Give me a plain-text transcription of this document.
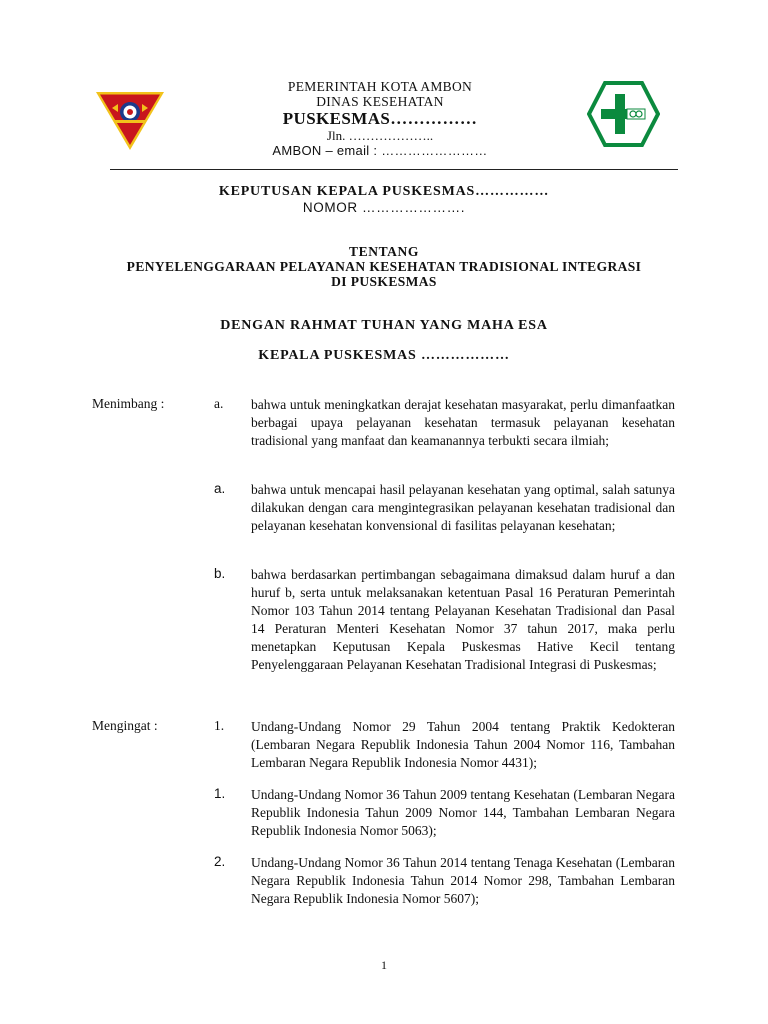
PEMERINTAH KOTA AMBON
DINAS KESEHATAN
PUSKESMAS……………
Jln. ………………..
AMBON – email : ……………………
KEPUTUSAN KEPALA PUSKESMAS……………
NOMOR ………………….
TENTANG
PENYELENGGARAAN PELAYANAN KESEHATAN TRADISIONAL INTEGRASI
DI PUSKESMAS
DENGAN RAHMAT TUHAN YANG MAHA ESA
KEPALA PUSKESMAS ………………
Menimbang :	a. bahwa untuk meningkatkan derajat kesehatan masyarakat, perlu dimanfaatkan berbagai upaya pelayanan kesehatan termasuk pelayanan kesehatan tradisional yang manfaat dan keamanannya terbukti secara ilmiah;
a. bahwa untuk mencapai hasil pelayanan kesehatan yang optimal, salah satunya dilakukan dengan cara mengintegrasikan pelayanan kesehatan tradisional dan pelayanan kesehatan konvensional di fasilitas pelayanan kesehatan;
b. bahwa berdasarkan pertimbangan sebagaimana dimaksud dalam huruf a dan huruf b, serta untuk melaksanakan ketentuan Pasal 16 Peraturan Pemerintah Nomor 103 Tahun 2014 tentang Pelayanan Kesehatan Tradisional dan Pasal 14 Peraturan Menteri Kesehatan Nomor 37 tahun 2017, maka perlu menetapkan Keputusan Kepala Puskesmas Hative Kecil tentang Penyelenggaraan Pelayanan Kesehatan Tradisional Integrasi di Puskesmas;
Mengingat :	1. Undang-Undang Nomor 29 Tahun 2004 tentang Praktik Kedokteran (Lembaran Negara Republik Indonesia Tahun 2004 Nomor 116, Tambahan Lembaran Negara Republik Indonesia Nomor 4431);
1. Undang-Undang Nomor 36 Tahun 2009 tentang Kesehatan (Lembaran Negara Republik Indonesia Tahun 2009 Nomor 144, Tambahan Lembaran Negara Republik Indonesia Nomor 5063);
2. Undang-Undang Nomor 36 Tahun 2014 tentang Tenaga Kesehatan (Lembaran Negara Republik Indonesia Tahun 2014 Nomor 298, Tambahan Lembaran Negara Republik Indonesia Nomor 5607);
1
